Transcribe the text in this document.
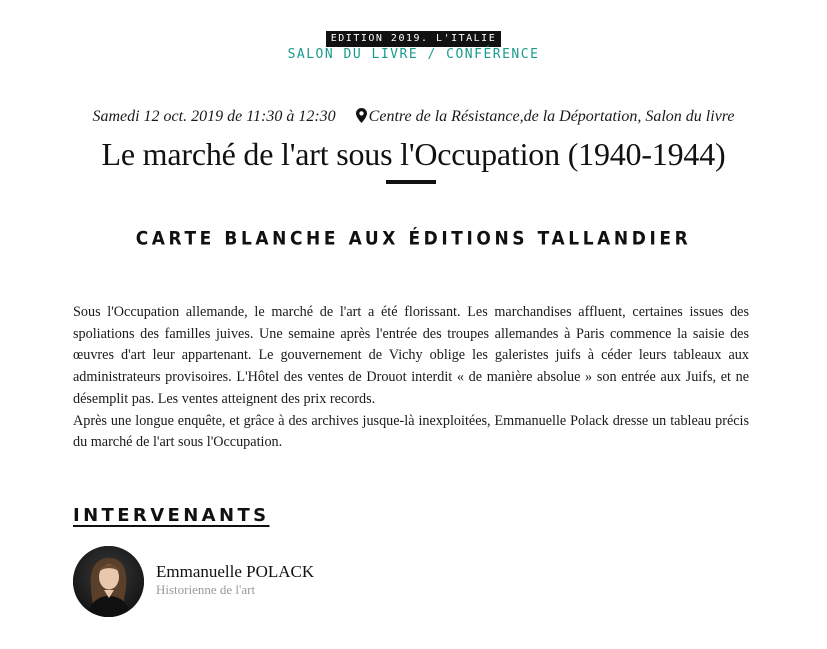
EDITION 2019. L'ITALIE
SALON DU LIVRE / CONFÉRENCE
Samedi 12 oct. 2019 de 11:30 à 12:30 Centre de la Résistance,de la Déportation, Salon du livre
Le marché de l'art sous l'Occupation (1940-1944)
CARTE BLANCHE AUX ÉDITIONS TALLANDIER

Sous l'Occupation allemande, le marché de l'art a été florissant. Les marchandises affluent, certaines issues des spoliations des familles juives. Une semaine après l'entrée des troupes allemandes à Paris commence la saisie des œuvres d'art leur appartenant. Le gouvernement de Vichy oblige les galeristes juifs à céder leurs tableaux aux administrateurs provisoires. L'Hôtel des ventes de Drouot interdit « de manière absolue » son entrée aux Juifs, et ne désemplit pas. Les ventes atteignent des prix records.
Après une longue enquête, et grâce à des archives jusque-là inexploitées, Emmanuelle Polack dresse un tableau précis du marché de l'art sous l'Occupation.

INTERVENANTS
Emmanuelle POLACK
Historienne de l'art
